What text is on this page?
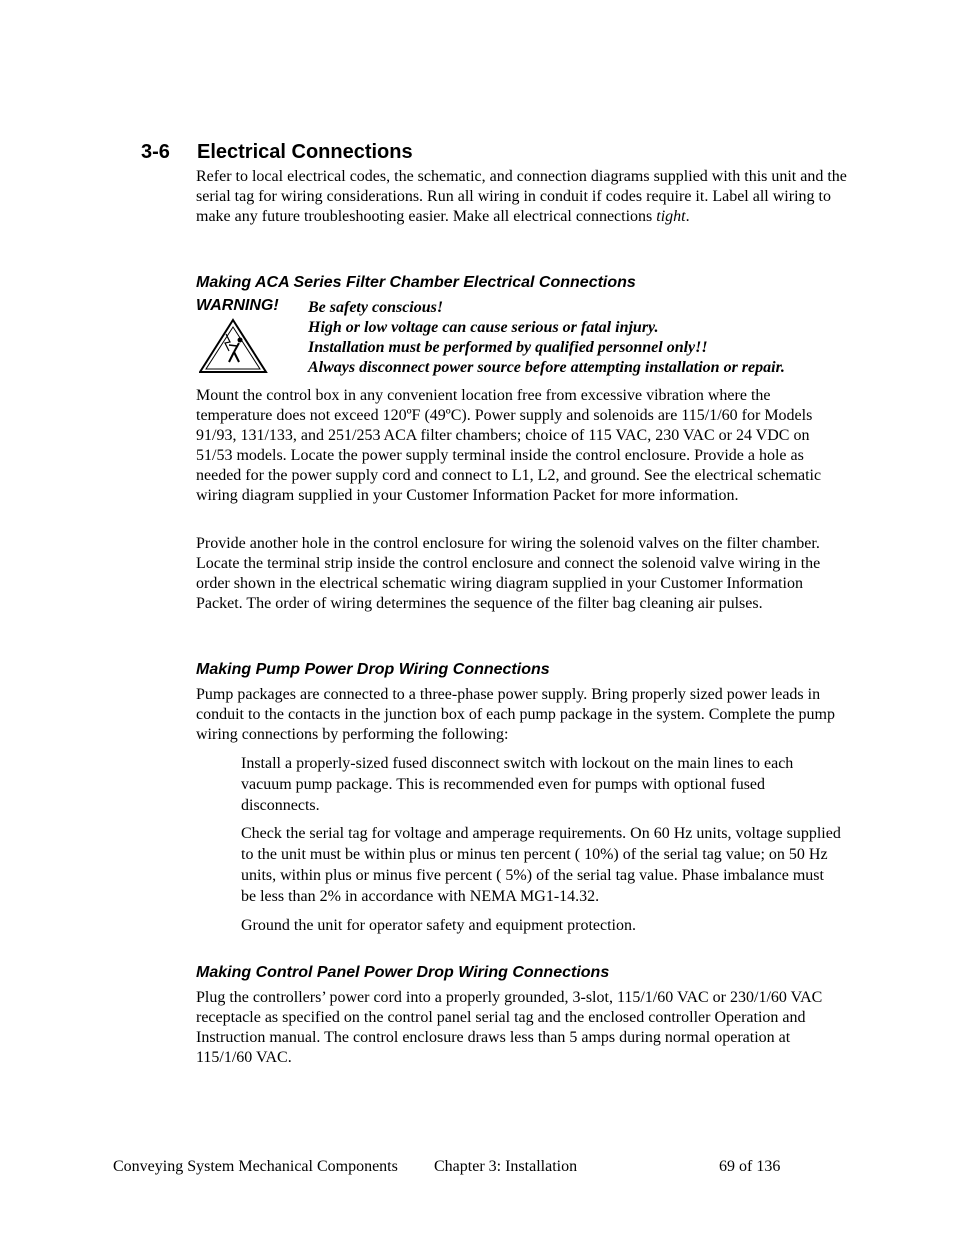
3-6 Electrical Connections
Refer to local electrical codes, the schematic, and connection diagrams supplied with this unit and the serial tag for wiring considerations. Run all wiring in conduit if codes require it. Label all wiring to make any future troubleshooting easier. Make all electrical connections tight.
Making ACA Series Filter Chamber Electrical Connections
WARNING! Be safety conscious!
High or low voltage can cause serious or fatal injury.
Installation must be performed by qualified personnel only!!
Always disconnect power source before attempting installation or repair.
Mount the control box in any convenient location free from excessive vibration where the temperature does not exceed 120ºF (49ºC). Power supply and solenoids are 115/1/60 for Models 91/93, 131/133, and 251/253 ACA filter chambers; choice of 115 VAC, 230 VAC or 24 VDC on 51/53 models. Locate the power supply terminal inside the control enclosure. Provide a hole as needed for the power supply cord and connect to L1, L2, and ground. See the electrical schematic wiring diagram supplied in your Customer Information Packet for more information.
Provide another hole in the control enclosure for wiring the solenoid valves on the filter chamber. Locate the terminal strip inside the control enclosure and connect the solenoid valve wiring in the order shown in the electrical schematic wiring diagram supplied in your Customer Information Packet. The order of wiring determines the sequence of the filter bag cleaning air pulses.
Making Pump Power Drop Wiring Connections
Pump packages are connected to a three-phase power supply. Bring properly sized power leads in conduit to the contacts in the junction box of each pump package in the system. Complete the pump wiring connections by performing the following:
Install a properly-sized fused disconnect switch with lockout on the main lines to each vacuum pump package. This is recommended even for pumps with optional fused disconnects.
Check the serial tag for voltage and amperage requirements. On 60 Hz units, voltage supplied to the unit must be within plus or minus ten percent ( 10%) of the serial tag value; on 50 Hz units, within plus or minus five percent ( 5%) of the serial tag value. Phase imbalance must be less than 2% in accordance with NEMA MG1-14.32.
Ground the unit for operator safety and equipment protection.
Making Control Panel Power Drop Wiring Connections
Plug the controllers’ power cord into a properly grounded, 3-slot, 115/1/60 VAC or 230/1/60 VAC receptacle as specified on the control panel serial tag and the enclosed controller Operation and Instruction manual. The control enclosure draws less than 5 amps during normal operation at 115/1/60 VAC.
Conveying System Mechanical Components Chapter 3: Installation	69 of 136
